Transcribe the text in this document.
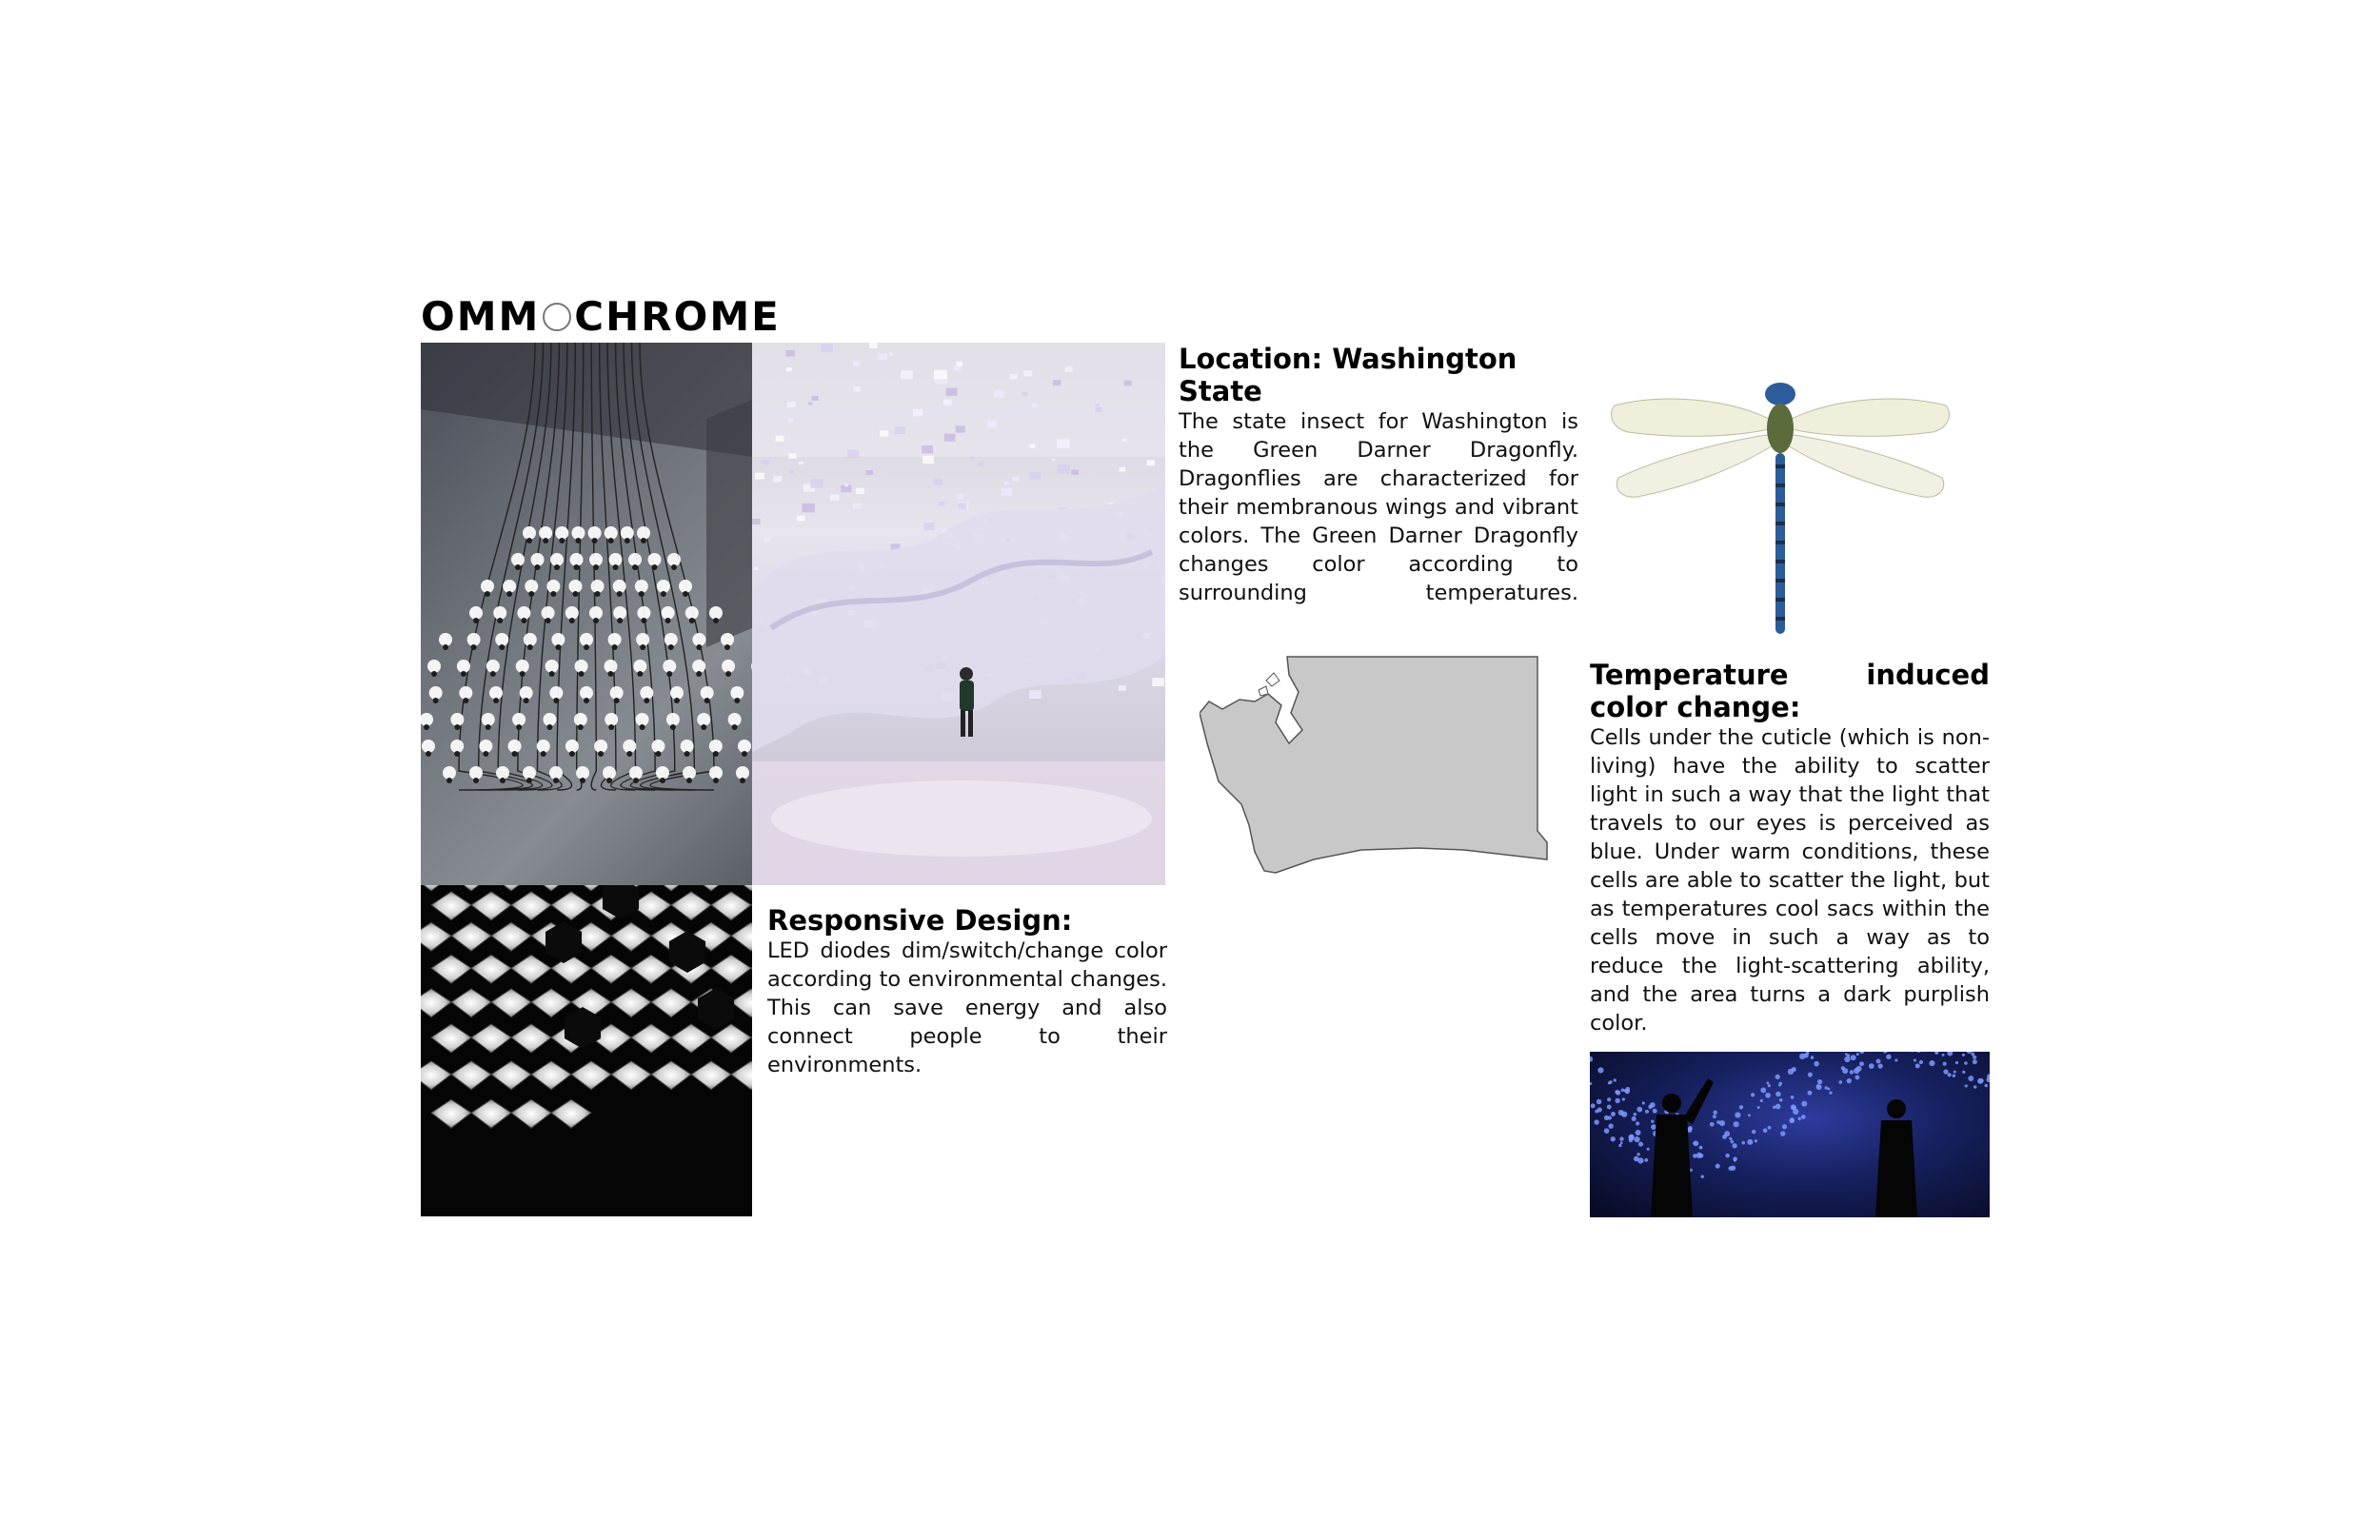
OMM CHROME

Location: Washington State

The state insect for Washington is the Green Darner Dragonfly. Dragonflies are characterized for their membranous wings and vibrant colors. The Green Darner Dragonfly changes color according to surrounding temperatures.

Responsive Design:

LED diodes dim/switch/change color according to environmental changes. This can save energy and also connect people to their environments.

Temperature induced color change:

Cells under the cuticle (which is non-living) have the ability to scatter light in such a way that the light that travels to our eyes is perceived as blue. Under warm conditions, these cells are able to scatter the light, but as temperatures cool sacs within the cells move in such a way as to reduce the light-scattering ability, and the area turns a dark purplish color.
